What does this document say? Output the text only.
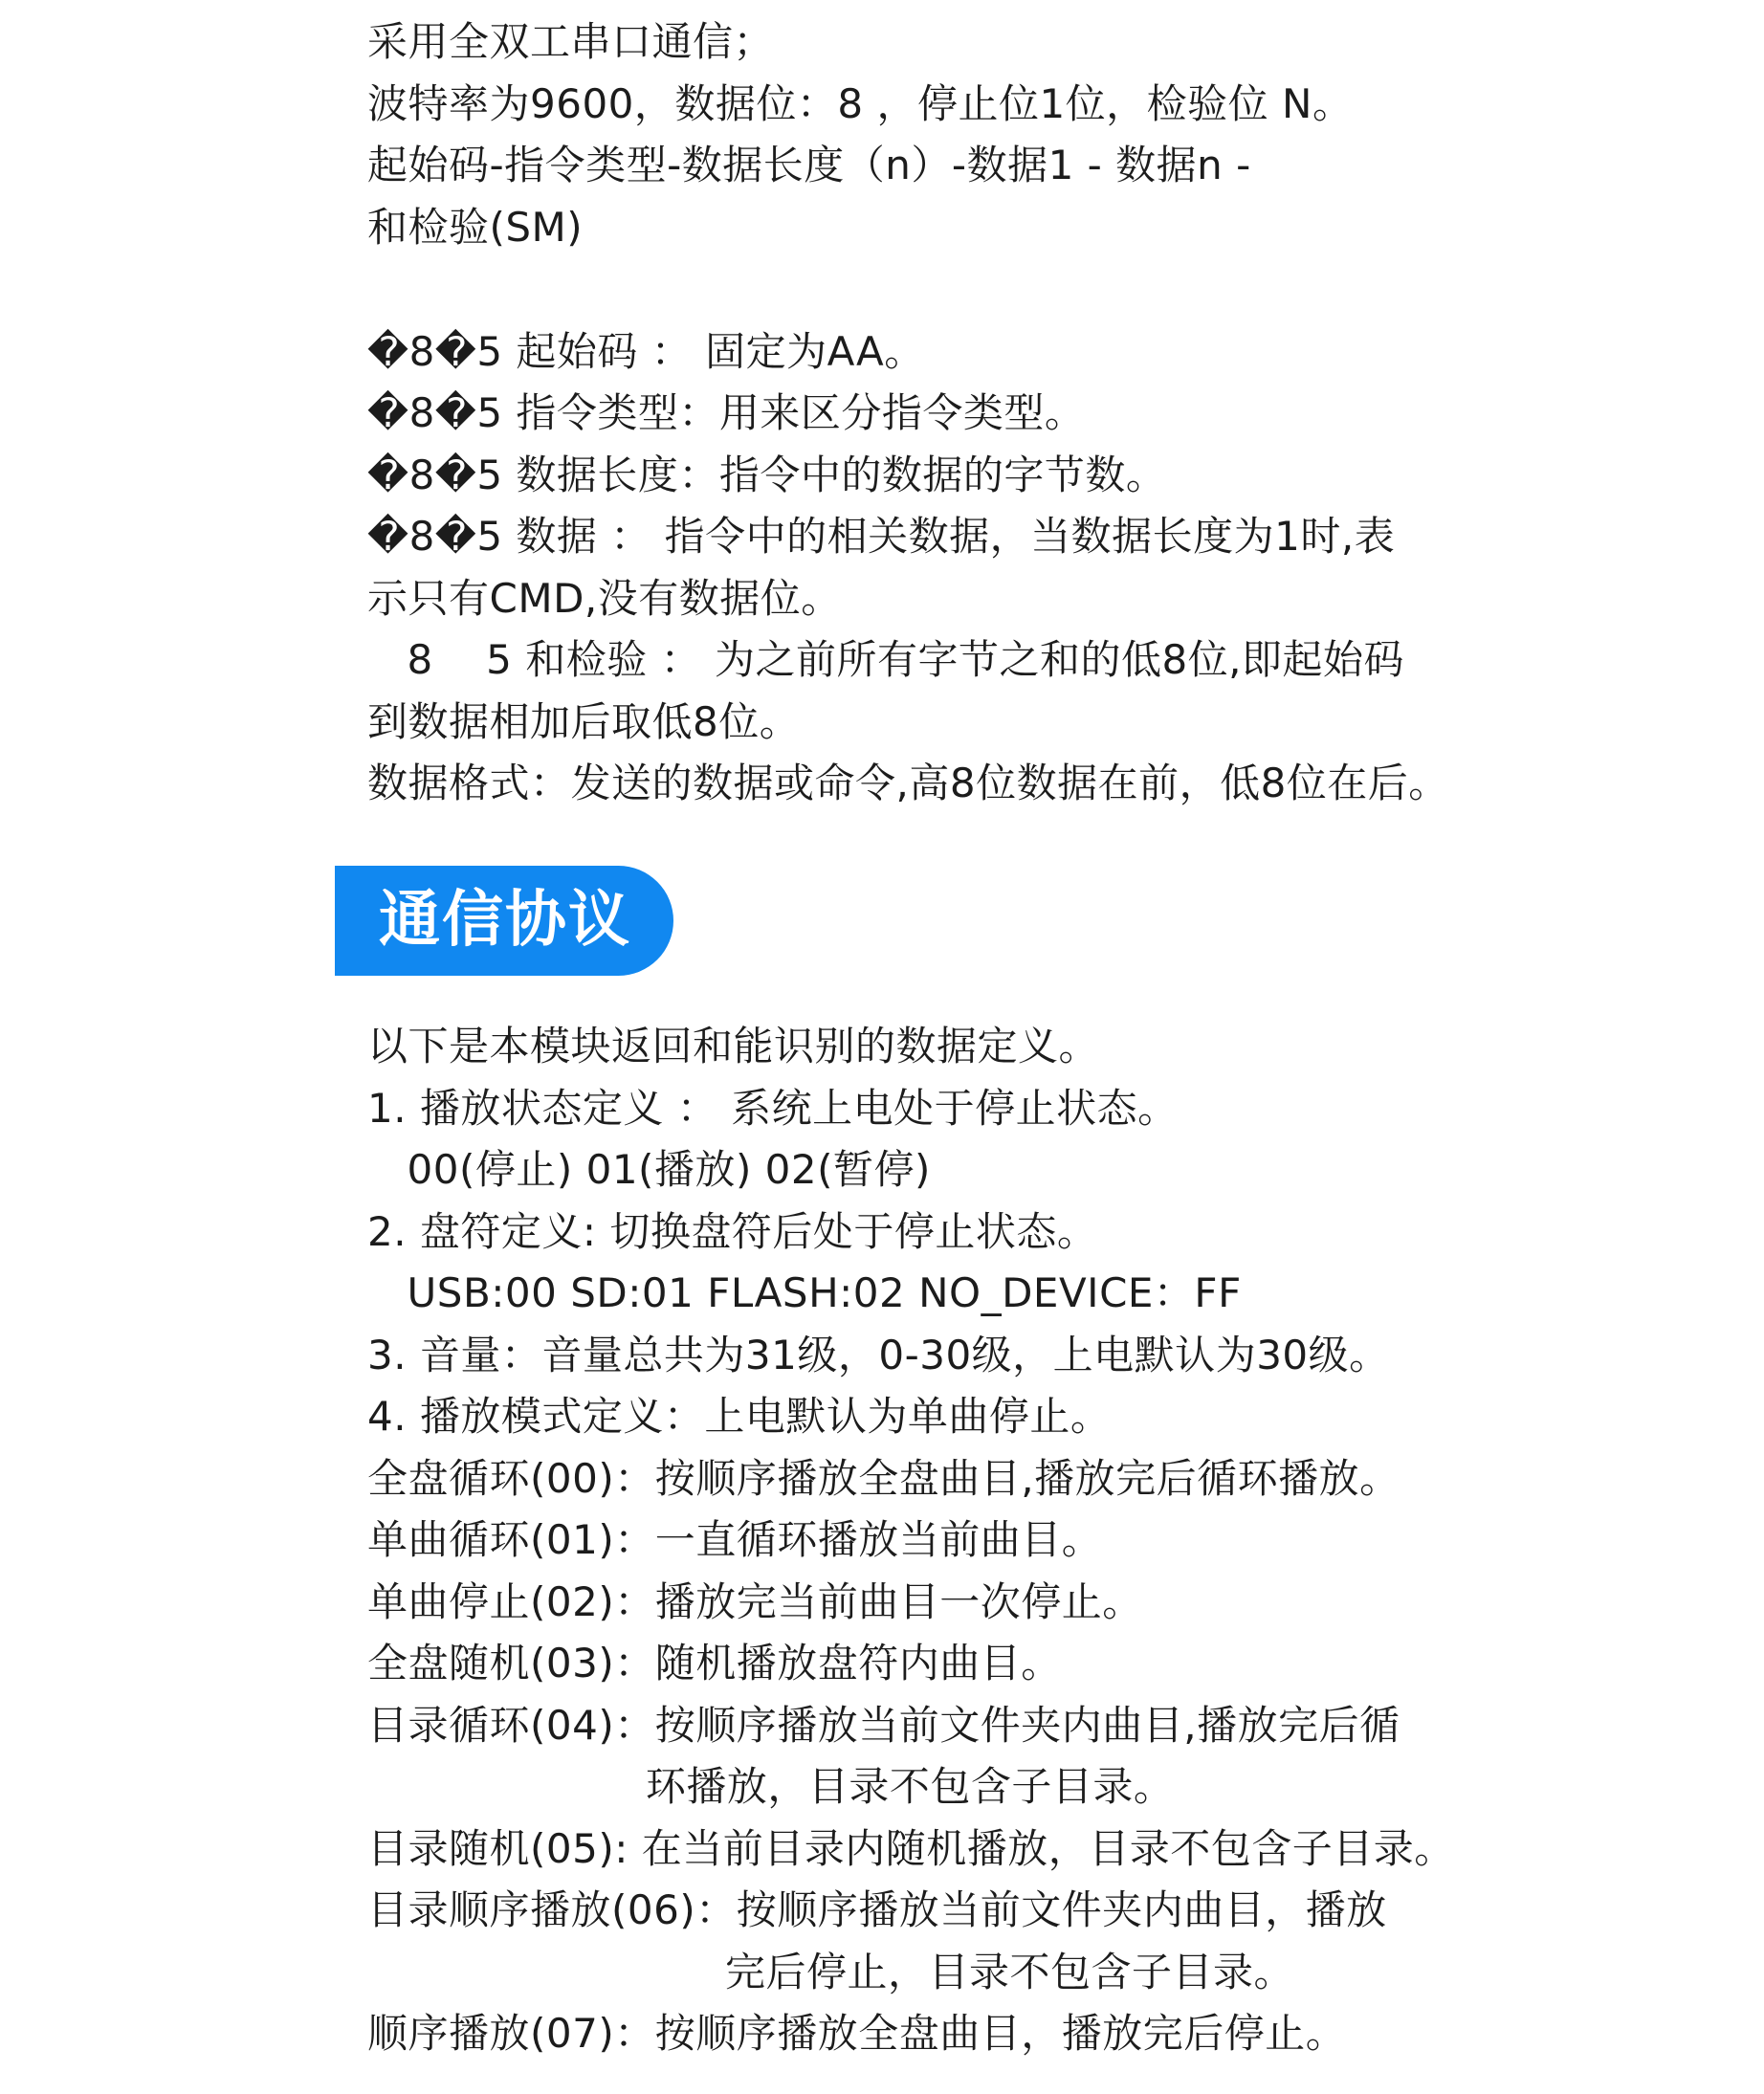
采用全双工串口通信；
波特率为9600，数据位：8 ，停止位1位，检验位 N。
起始码-指令类型-数据长度（n）-数据1 - 数据n -
和检验(SM)
�8�5 起始码 ： 固定为AA。
�8�5 指令类型：用来区分指令类型。
�8�5 数据长度：指令中的数据的字节数。
�8�5 数据 ： 指令中的相关数据，当数据长度为1时,表
示只有CMD,没有数据位。
8    5 和检验 ： 为之前所有字节之和的低8位,即起始码
到数据相加后取低8位。
数据格式：发送的数据或命令,高8位数据在前，低8位在后。
通信协议
以下是本模块返回和能识别的数据定义。
1. 播放状态定义 ： 系统上电处于停止状态。
00(停止) 01(播放) 02(暂停)
2. 盘符定义: 切换盘符后处于停止状态。
USB:00 SD:01 FLASH:02 NO_DEVICE：FF
3. 音量：音量总共为31级，0-30级，上电默认为30级。
4. 播放模式定义：上电默认为单曲停止。
全盘循环(00)：按顺序播放全盘曲目,播放完后循环播放。
单曲循环(01)：一直循环播放当前曲目。
单曲停止(02)：播放完当前曲目一次停止。
全盘随机(03)：随机播放盘符内曲目。
目录循环(04)：按顺序播放当前文件夹内曲目,播放完后循
环播放，目录不包含子目录。
目录随机(05): 在当前目录内随机播放，目录不包含子目录。
目录顺序播放(06)：按顺序播放当前文件夹内曲目，播放
完后停止，目录不包含子目录。
顺序播放(07)：按顺序播放全盘曲目，播放完后停止。
